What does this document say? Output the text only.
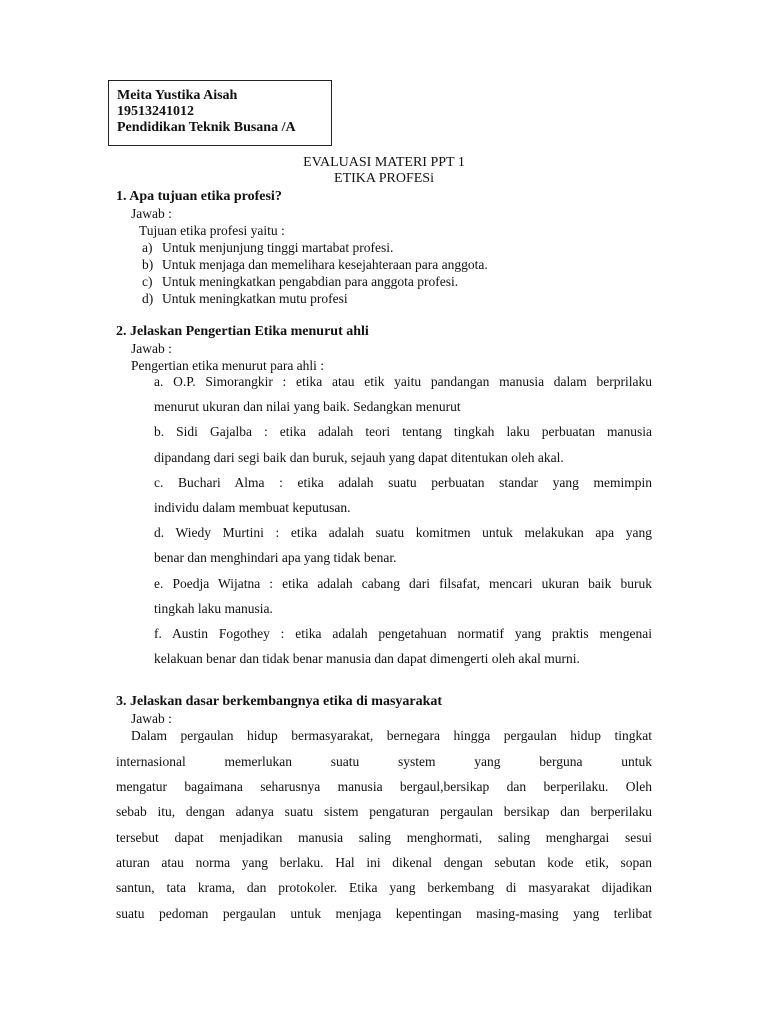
Meita Yustika Aisah
19513241012
Pendidikan Teknik Busana /A
EVALUASI MATERI PPT 1
ETIKA PROFESi
1. Apa tujuan etika profesi?
Jawab :
Tujuan etika profesi yaitu :
a) Untuk menjunjung tinggi martabat profesi.
b) Untuk menjaga dan memelihara kesejahteraan para anggota.
c) Untuk meningkatkan pengabdian para anggota profesi.
d) Untuk meningkatkan mutu profesi
2. Jelaskan Pengertian Etika menurut ahli
Jawab :
Pengertian etika menurut para ahli :
a. O.P. Simorangkir : etika atau etik yaitu pandangan manusia dalam berprilaku
menurut ukuran dan nilai yang baik. Sedangkan menurut
b. Sidi Gajalba : etika adalah teori tentang tingkah laku perbuatan manusia
dipandang dari segi baik dan buruk, sejauh yang dapat ditentukan oleh akal.
c. Buchari Alma : etika adalah suatu perbuatan standar yang memimpin
individu dalam membuat keputusan.
d. Wiedy Murtini : etika adalah suatu komitmen untuk melakukan apa yang
benar dan menghindari apa yang tidak benar.
e. Poedja Wijatna : etika adalah cabang dari filsafat, mencari ukuran baik buruk
tingkah laku manusia.
f. Austin Fogothey : etika adalah pengetahuan normatif yang praktis mengenai
kelakuan benar dan tidak benar manusia dan dapat dimengerti oleh akal murni.
3. Jelaskan dasar berkembangnya etika di masyarakat
Jawab :
Dalam pergaulan hidup bermasyarakat, bernegara hingga pergaulan hidup tingkat
internasional memerlukan suatu system yang berguna untuk
mengatur bagaimana seharusnya manusia bergaul,bersikap dan berperilaku. Oleh
sebab itu, dengan adanya suatu sistem pengaturan pergaulan bersikap dan berperilaku
tersebut dapat menjadikan manusia saling menghormati, saling menghargai sesui
aturan atau norma yang berlaku. Hal ini dikenal dengan sebutan kode etik, sopan
santun, tata krama, dan protokoler. Etika yang berkembang di masyarakat dijadikan
suatu pedoman pergaulan untuk menjaga kepentingan masing-masing yang terlibat
